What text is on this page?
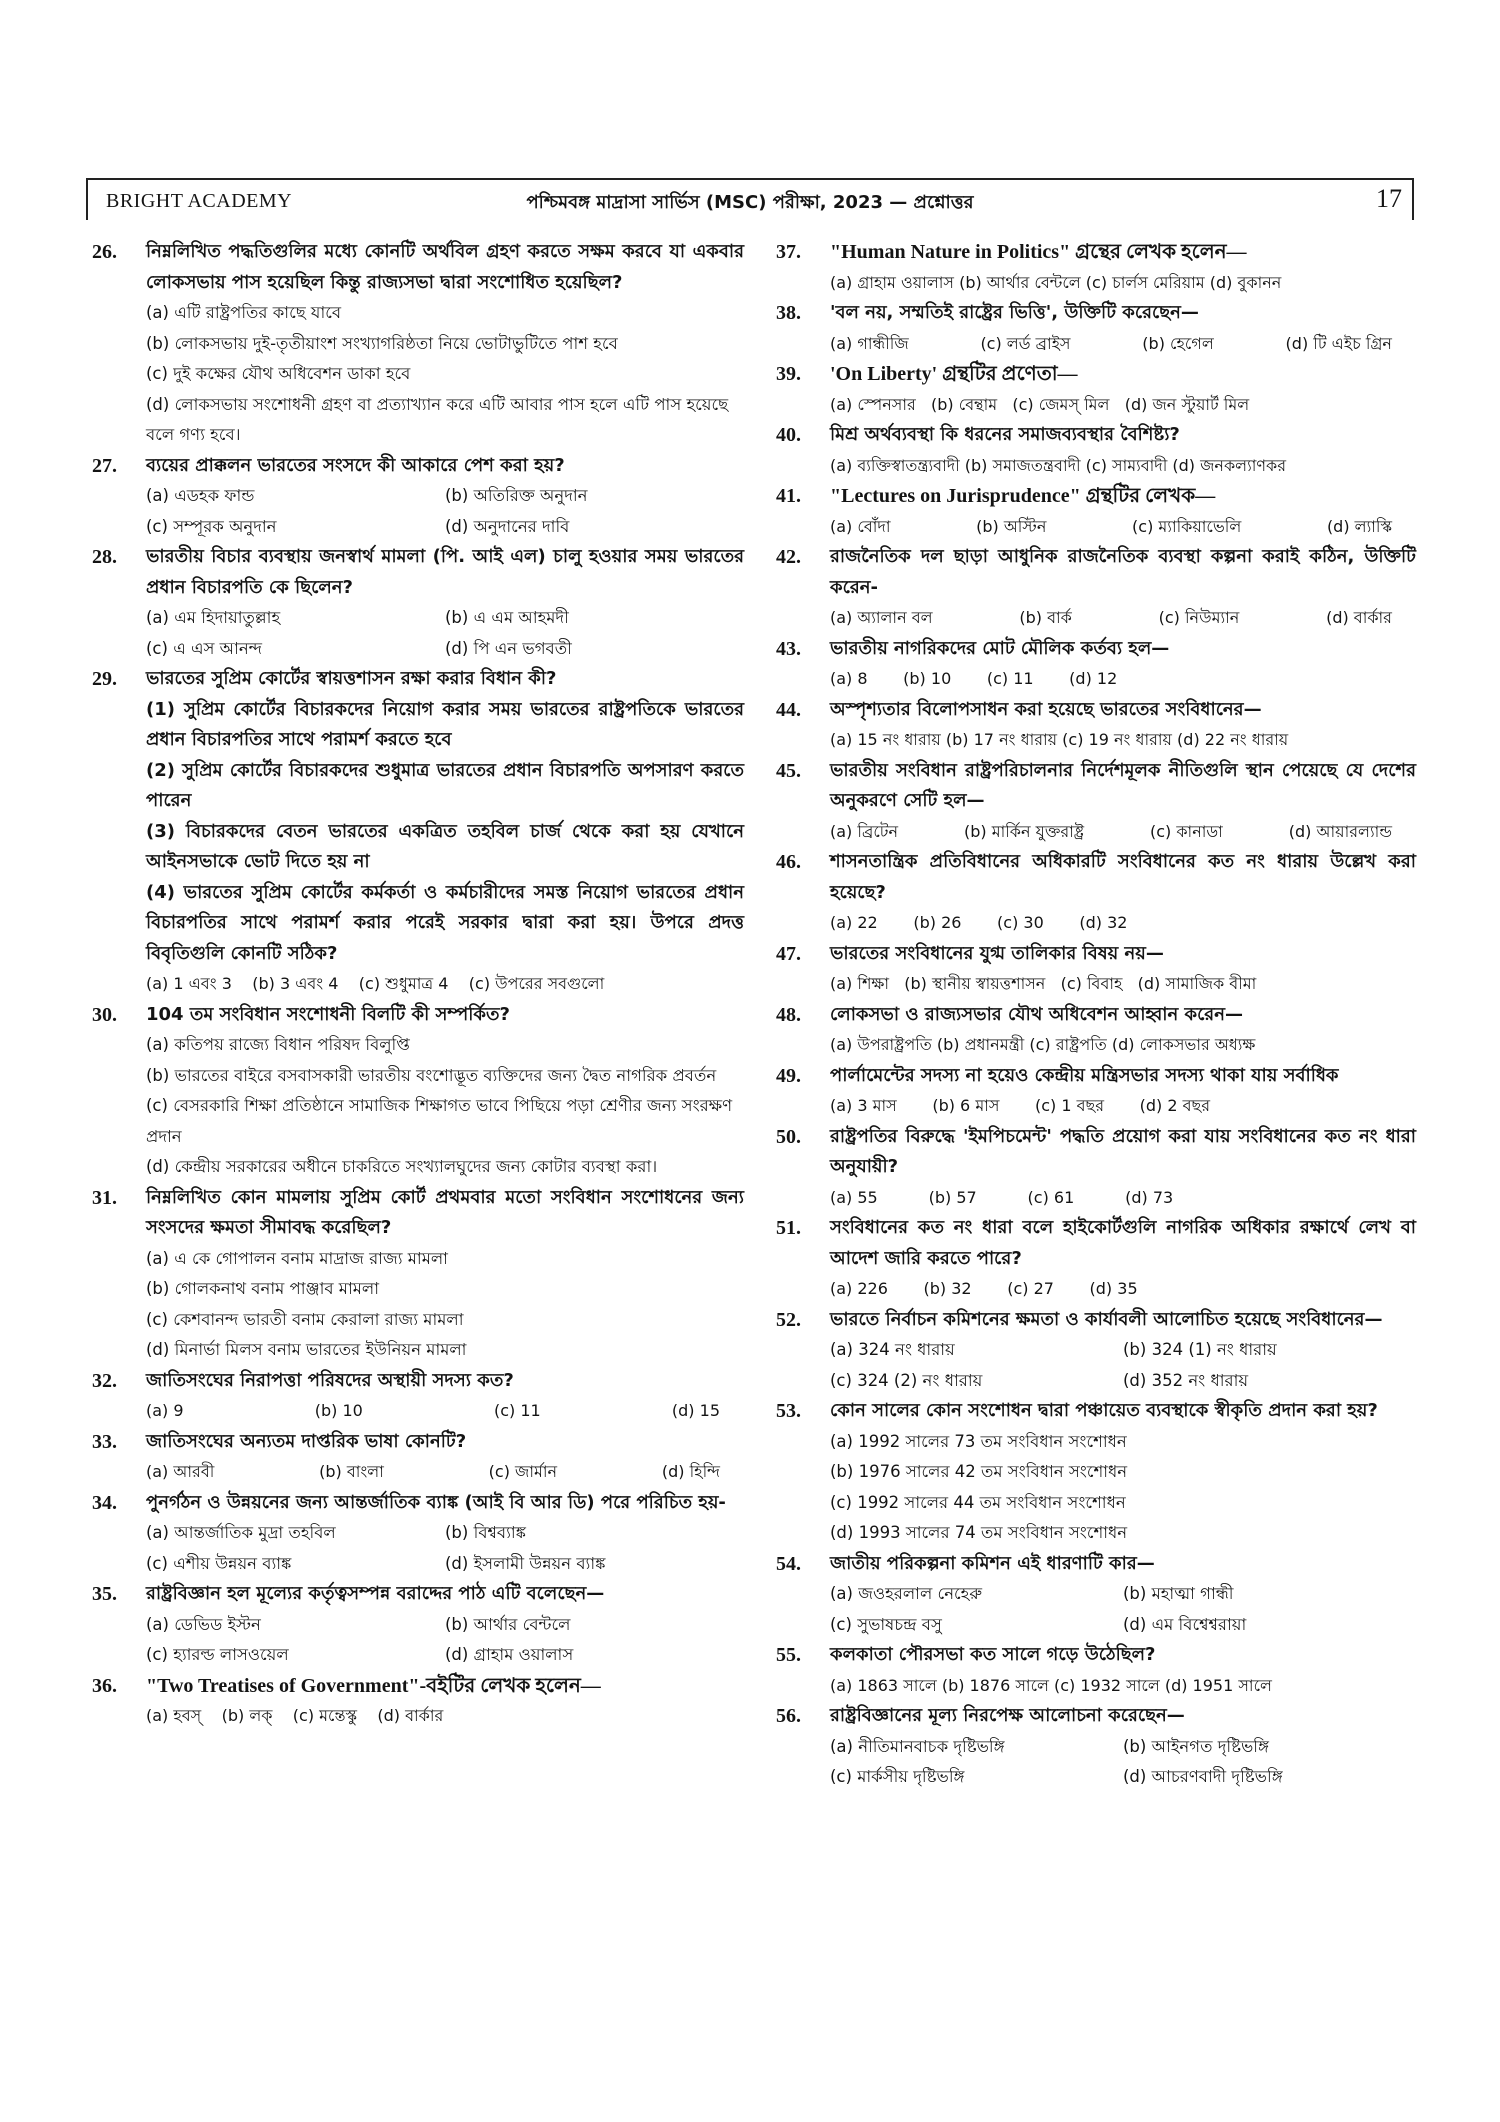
BRIGHT ACADEMY	পশ্চিমবঙ্গ মাদ্রাসা সার্ভিস (MSC) পরীক্ষা, 2023 — প্রশ্নোত্তর	17
26. নিম্নলিখিত পদ্ধতিগুলির মধ্যে কোনটি অর্থবিল গ্রহণ করতে সক্ষম করবে যা একবার লোকসভায় পাস হয়েছিল কিন্তু রাজ্যসভা দ্বারা সংশোধিত হয়েছিল?
(a) এটি রাষ্ট্রপতির কাছে যাবে
(b) লোকসভায় দুই-তৃতীয়াংশ সংখ্যাগরিষ্ঠতা নিয়ে ভোটাভুটিতে পাশ হবে
(c) দুই কক্ষের যৌথ অধিবেশন ডাকা হবে
(d) লোকসভায় সংশোধনী গ্রহণ বা প্রত্যাখ্যান করে এটি আবার পাস হলে এটি পাস হয়েছে বলে গণ্য হবে।
27. ব্যয়ের প্রাক্কলন ভারতের সংসদে কী আকারে পেশ করা হয়?
(a) এডহক ফান্ড	(b) অতিরিক্ত অনুদান
(c) সম্পূরক অনুদান	(d) অনুদানের দাবি
28. ভারতীয় বিচার ব্যবস্থায় জনস্বার্থ মামলা (পি. আই এল) চালু হওয়ার সময় ভারতের প্রধান বিচারপতি কে ছিলেন?
(a) এম হিদায়াতুল্লাহ	(b) এ এম আহমদী
(c) এ এস আনন্দ	(d) পি এন ভগবতী
29. ভারতের সুপ্রিম কোর্টের স্বায়ত্তশাসন রক্ষা করার বিধান কী?
(1) সুপ্রিম কোর্টের বিচারকদের নিয়োগ করার সময় ভারতের রাষ্ট্রপতিকে ভারতের প্রধান বিচারপতির সাথে পরামর্শ করতে হবে
(2) সুপ্রিম কোর্টের বিচারকদের শুধুমাত্র ভারতের প্রধান বিচারপতি অপসারণ করতে পারেন
(3) বিচারকদের বেতন ভারতের একত্রিত তহবিল চার্জ থেকে করা হয় যেখানে আইনসভাকে ভোট দিতে হয় না
(4) ভারতের সুপ্রিম কোর্টের কর্মকর্তা ও কর্মচারীদের সমস্ত নিয়োগ ভারতের প্রধান বিচারপতির সাথে পরামর্শ করার পরেই সরকার দ্বারা করা হয়। উপরে প্রদত্ত বিবৃতিগুলি কোনটি সঠিক?
(a) 1 এবং 3    (b) 3 এবং 4    (c) শুধুমাত্র 4    (c) উপরের সবগুলো
30. 104 তম সংবিধান সংশোধনী বিলটি কী সম্পর্কিত?
(a) কতিপয় রাজ্যে বিধান পরিষদ বিলুপ্তি
(b) ভারতের বাইরে বসবাসকারী ভারতীয় বংশোদ্ভূত ব্যক্তিদের জন্য দ্বৈত নাগরিক প্রবর্তন
(c) বেসরকারি শিক্ষা প্রতিষ্ঠানে সামাজিক শিক্ষাগত ভাবে পিছিয়ে পড়া শ্রেণীর জন্য সংরক্ষণ প্রদান
(d) কেন্দ্রীয় সরকারের অধীনে চাকরিতে সংখ্যালঘুদের জন্য কোটার ব্যবস্থা করা।
31. নিম্নলিখিত কোন মামলায় সুপ্রিম কোর্ট প্রথমবার মতো সংবিধান সংশোধনের জন্য সংসদের ক্ষমতা সীমাবদ্ধ করেছিল?
(a) এ কে গোপালন বনাম মাদ্রাজ রাজ্য মামলা
(b) গোলকনাথ বনাম পাঞ্জাব মামলা
(c) কেশবানন্দ ভারতী বনাম কেরালা রাজ্য মামলা
(d) মিনার্ভা মিলস বনাম ভারতের ইউনিয়ন মামলা
32. জাতিসংঘের নিরাপত্তা পরিষদের অস্থায়ী সদস্য কত?
(a) 9	(b) 10	(c) 11	(d) 15
33. জাতিসংঘের অন্যতম দাপ্তরিক ভাষা কোনটি?
(a) আরবী	(b) বাংলা	(c) জার্মান	(d) হিন্দি
34. পুনর্গঠন ও উন্নয়নের জন্য আন্তর্জাতিক ব্যাঙ্ক (আই বি আর ডি) পরে পরিচিত হয়-
(a) আন্তর্জাতিক মুদ্রা তহবিল	(b) বিশ্বব্যাঙ্ক
(c) এশীয় উন্নয়ন ব্যাঙ্ক	(d) ইসলামী উন্নয়ন ব্যাঙ্ক
35. রাষ্ট্রবিজ্ঞান হল মূল্যের কর্তৃত্বসম্পন্ন বরাদ্দের পাঠ এটি বলেছেন—
(a) ডেভিড ইস্টন	(b) আর্থার বেন্টলে
(c) হ্যারল্ড লাসওয়েল	(d) গ্রাহাম ওয়ালাস
36. "Two Treatises of Government"-বইটির লেখক হলেন—
(a) হবস্    (b) লক্    (c) মন্তেস্কু    (d) বার্কার
37. "Human Nature in Politics" গ্রন্থের লেখক হলেন—
(a) গ্রাহাম ওয়ালাস (b) আর্থার বেন্টলে (c) চার্লস মেরিয়াম (d) বুকানন
38. 'বল নয়, সম্মতিই রাষ্ট্রের ভিত্তি', উক্তিটি করেছেন—
(a) গান্ধীজি	(c) লর্ড ব্রাইস	(b) হেগেল	(d) টি এইচ গ্রিন
39. 'On Liberty' গ্রন্থটির প্রণেতা—
(a) স্পেনসার   (b) বেন্থাম   (c) জেমস্ মিল   (d) জন স্টুয়ার্ট মিল
40. মিশ্র অর্থব্যবস্থা কি ধরনের সমাজব্যবস্থার বৈশিষ্ট্য?
(a) ব্যক্তিস্বাতন্ত্র্যবাদী (b) সমাজতন্ত্রবাদী (c) সাম্যবাদী (d) জনকল্যাণকর
41. "Lectures on Jurisprudence" গ্রন্থটির লেখক—
(a) বোঁদা	(b) অস্টিন	(c) ম্যাকিয়াভেলি	(d) ল্যাস্কি
42. রাজনৈতিক দল ছাড়া আধুনিক রাজনৈতিক ব্যবস্থা কল্পনা করাই কঠিন, উক্তিটি করেন-
(a) অ্যালান বল	(b) বার্ক	(c) নিউম্যান	(d) বার্কার
43. ভারতীয় নাগরিকদের মোট মৌলিক কর্তব্য হল—
(a) 8       (b) 10       (c) 11       (d) 12
44. অস্পৃশ্যতার বিলোপসাধন করা হয়েছে ভারতের সংবিধানের—
(a) 15 নং ধারায় (b) 17 নং ধারায় (c) 19 নং ধারায় (d) 22 নং ধারায়
45. ভারতীয় সংবিধান রাষ্ট্রপরিচালনার নির্দেশমূলক নীতিগুলি স্থান পেয়েছে যে দেশের অনুকরণে সেটি হল—
(a) ব্রিটেন	(b) মার্কিন যুক্তরাষ্ট্র	(c) কানাডা	(d) আয়ারল্যান্ড
46. শাসনতান্ত্রিক প্রতিবিধানের অধিকারটি সংবিধানের কত নং ধারায় উল্লেখ করা হয়েছে?
(a) 22       (b) 26       (c) 30       (d) 32
47. ভারতের সংবিধানের যুগ্ম তালিকার বিষয় নয়—
(a) শিক্ষা   (b) স্থানীয় স্বায়ত্তশাসন   (c) বিবাহ   (d) সামাজিক বীমা
48. লোকসভা ও রাজ্যসভার যৌথ অধিবেশন আহ্বান করেন—
(a) উপরাষ্ট্রপতি (b) প্রধানমন্ত্রী (c) রাষ্ট্রপতি (d) লোকসভার অধ্যক্ষ
49. পার্লামেন্টের সদস্য না হয়েও কেন্দ্রীয় মন্ত্রিসভার সদস্য থাকা যায় সর্বাধিক
(a) 3 মাস       (b) 6 মাস       (c) 1 বছর       (d) 2 বছর
50. রাষ্ট্রপতির বিরুদ্ধে 'ইমপিচমেন্ট' পদ্ধতি প্রয়োগ করা যায় সংবিধানের কত নং ধারা অনুযায়ী?
(a) 55          (b) 57          (c) 61          (d) 73
51. সংবিধানের কত নং ধারা বলে হাইকোর্টগুলি নাগরিক অধিকার রক্ষার্থে লেখ বা আদেশ জারি করতে পারে?
(a) 226       (b) 32       (c) 27       (d) 35
52. ভারতে নির্বাচন কমিশনের ক্ষমতা ও কার্যাবলী আলোচিত হয়েছে সংবিধানের—
(a) 324 নং ধারায়	(b) 324 (1) নং ধারায়
(c) 324 (2) নং ধারায়	(d) 352 নং ধারায়
53. কোন সালের কোন সংশোধন দ্বারা পঞ্চায়েত ব্যবস্থাকে স্বীকৃতি প্রদান করা হয়?
(a) 1992 সালের 73 তম সংবিধান সংশোধন
(b) 1976 সালের 42 তম সংবিধান সংশোধন
(c) 1992 সালের 44 তম সংবিধান সংশোধন
(d) 1993 সালের 74 তম সংবিধান সংশোধন
54. জাতীয় পরিকল্পনা কমিশন এই ধারণাটি কার—
(a) জওহরলাল নেহেরু	(b) মহাত্মা গান্ধী
(c) সুভাষচন্দ্র বসু	(d) এম বিশ্বেশ্বরায়া
55. কলকাতা পৌরসভা কত সালে গড়ে উঠেছিল?
(a) 1863 সালে (b) 1876 সালে (c) 1932 সালে (d) 1951 সালে
56. রাষ্ট্রবিজ্ঞানের মূল্য নিরপেক্ষ আলোচনা করেছেন—
(a) নীতিমানবাচক দৃষ্টিভঙ্গি	(b) আইনগত দৃষ্টিভঙ্গি
(c) মার্কসীয় দৃষ্টিভঙ্গি	(d) আচরণবাদী দৃষ্টিভঙ্গি
